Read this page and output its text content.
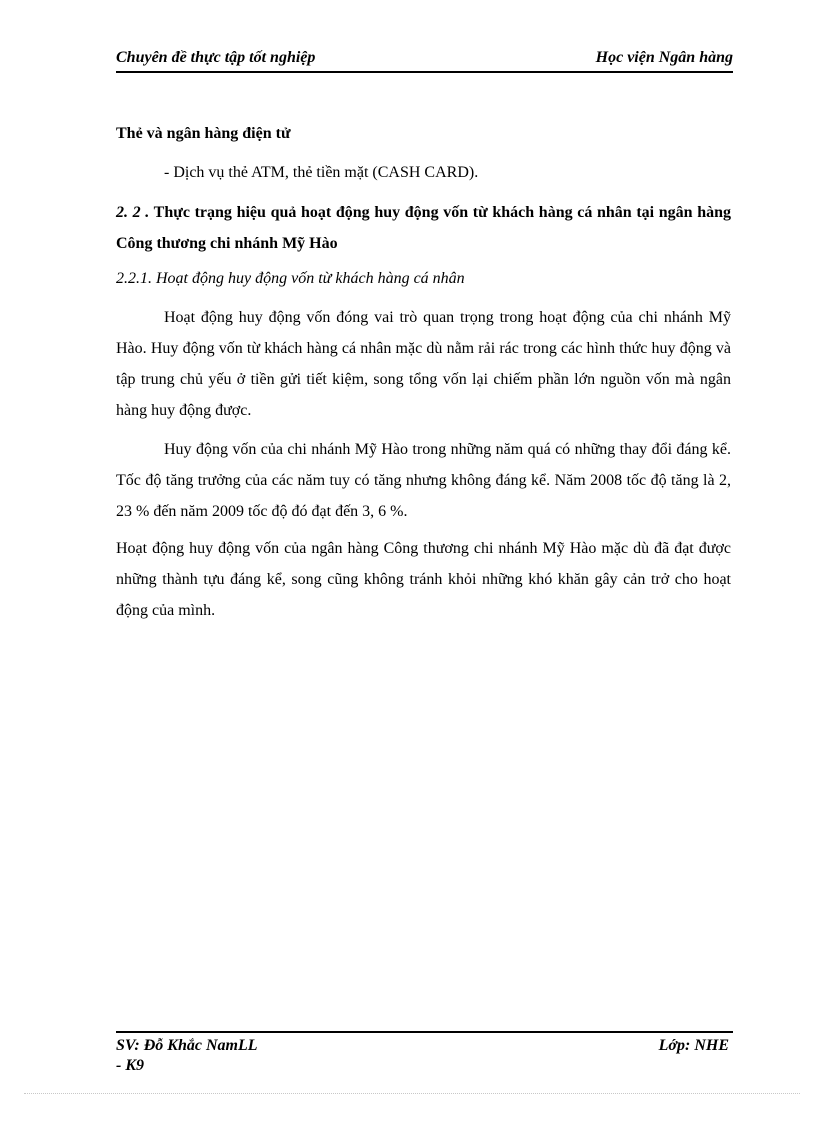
Chuyên đề thực tập tốt nghiệp	Học viện Ngân hàng

Thẻ và ngân hàng điện tử

- Dịch vụ thẻ ATM, thẻ tiền mặt (CASH CARD).

2. 2 . Thực trạng hiệu quả hoạt động huy động vốn từ khách hàng cá nhân tại ngân hàng Công thương chi nhánh Mỹ Hào

2.2.1. Hoạt động huy động vốn từ khách hàng cá nhân

Hoạt động huy động vốn đóng vai trò quan trọng trong hoạt động của chi nhánh Mỹ Hào. Huy động vốn từ khách hàng cá nhân mặc dù nằm rải rác trong các hình thức huy động và tập trung chủ yếu ở tiền gửi tiết kiệm, song tổng vốn lại chiếm phần lớn nguồn vốn mà ngân hàng huy động được.

Huy động vốn của chi nhánh Mỹ Hào trong những năm quá có những thay đổi đáng kể. Tốc độ tăng trưởng của các năm tuy có tăng nhưng không đáng kể. Năm 2008 tốc độ tăng là 2, 23 % đến năm 2009 tốc độ đó đạt đến 3, 6 %.

Hoạt động huy động vốn của ngân hàng Công thương chi nhánh Mỹ Hào mặc dù đã đạt được những thành tựu đáng kể, song cũng không tránh khỏi những khó khăn gây cản trở cho hoạt động của mình.

SV: Đỗ Khắc NamLL
- K9
Lớp: NHE
